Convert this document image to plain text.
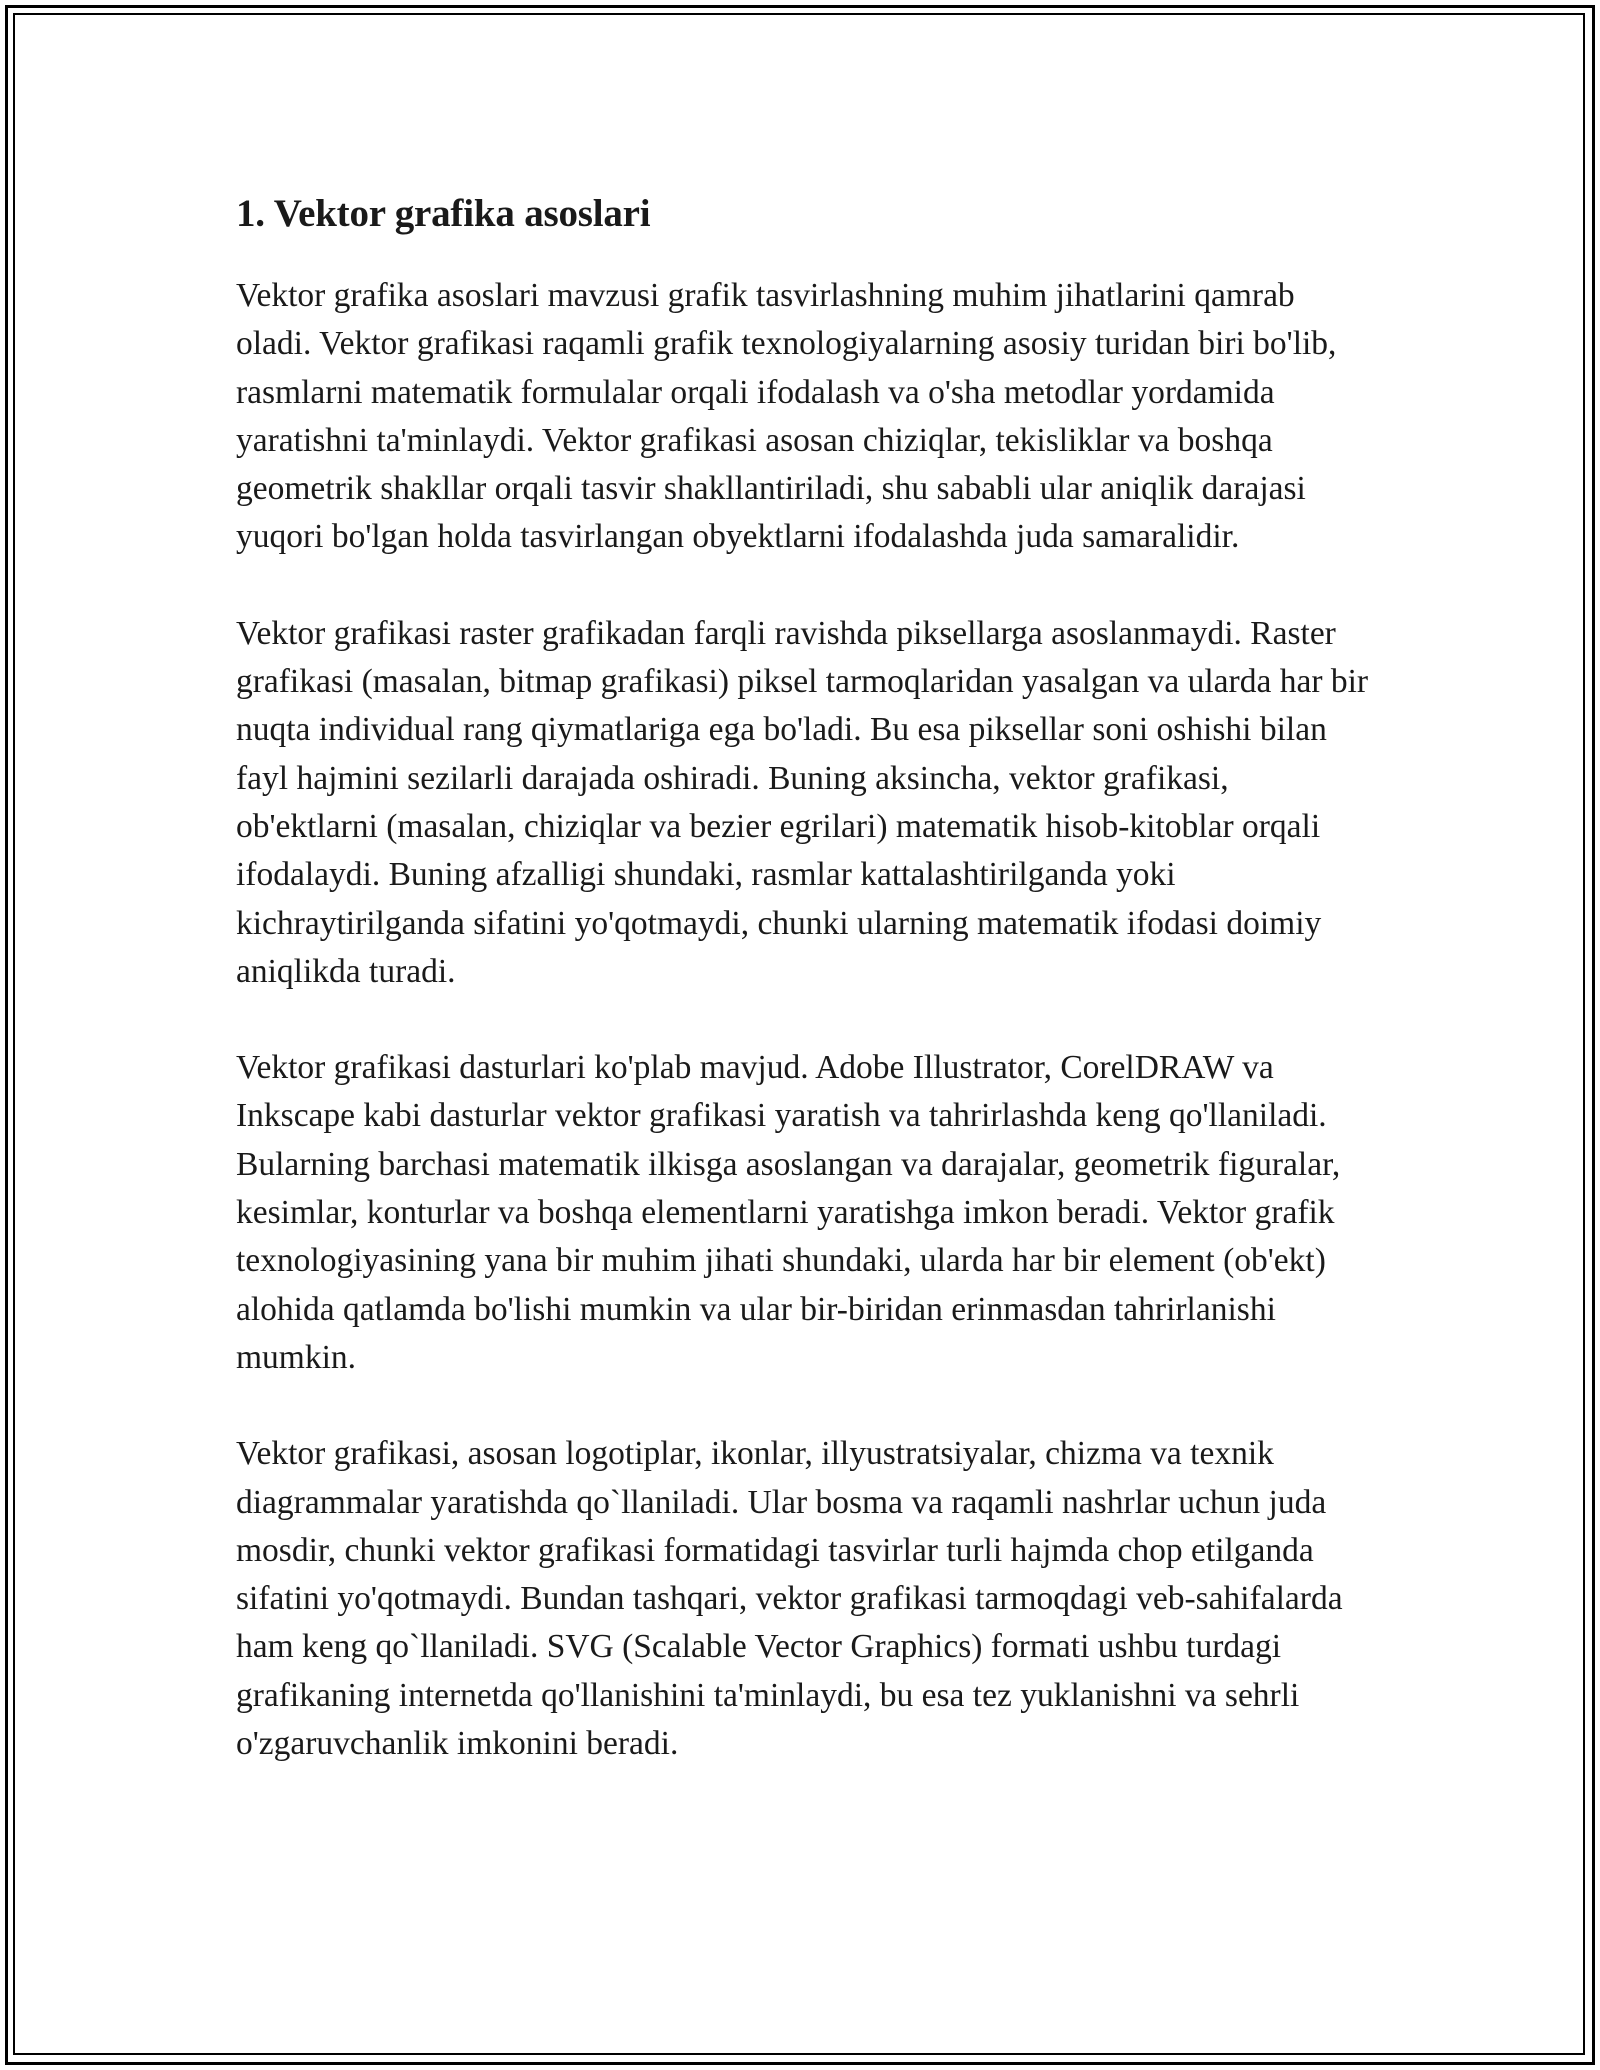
1. Vektor grafika asoslari

Vektor grafika asoslari mavzusi grafik tasvirlashning muhim jihatlarini qamrab oladi. Vektor grafikasi raqamli grafik texnologiyalarning asosiy turidan biri bo'lib, rasmlarni matematik formulalar orqali ifodalash va o'sha metodlar yordamida yaratishni ta'minlaydi. Vektor grafikasi asosan chiziqlar, tekisliklar va boshqa geometrik shakllar orqali tasvir shakllantiriladi, shu sababli ular aniqlik darajasi yuqori bo'lgan holda tasvirlangan obyektlarni ifodalashda juda samaralidir.

Vektor grafikasi raster grafikadan farqli ravishda piksellarga asoslanmaydi. Raster grafikasi (masalan, bitmap grafikasi) piksel tarmoqlaridan yasalgan va ularda har bir nuqta individual rang qiymatlariga ega bo'ladi. Bu esa piksellar soni oshishi bilan fayl hajmini sezilarli darajada oshiradi. Buning aksincha, vektor grafikasi, ob'ektlarni (masalan, chiziqlar va bezier egrilari) matematik hisob-kitoblar orqali ifodalaydi. Buning afzalligi shundaki, rasmlar kattalashtirilganda yoki kichraytirilganda sifatini yo'qotmaydi, chunki ularning matematik ifodasi doimiy aniqlikda turadi.

Vektor grafikasi dasturlari ko'plab mavjud. Adobe Illustrator, CorelDRAW va Inkscape kabi dasturlar vektor grafikasi yaratish va tahrirlashda keng qo'llaniladi. Bularning barchasi matematik ilkisga asoslangan va darajalar, geometrik figuralar, kesimlar, konturlar va boshqa elementlarni yaratishga imkon beradi. Vektor grafik texnologiyasining yana bir muhim jihati shundaki, ularda har bir element (ob'ekt) alohida qatlamda bo'lishi mumkin va ular bir-biridan erinmasdan tahrirlanishi mumkin.

Vektor grafikasi, asosan logotiplar, ikonlar, illyustratsiyalar, chizma va texnik diagrammalar yaratishda qo`llaniladi. Ular bosma va raqamli nashrlar uchun juda mosdir, chunki vektor grafikasi formatidagi tasvirlar turli hajmda chop etilganda sifatini yo'qotmaydi. Bundan tashqari, vektor grafikasi tarmoqdagi veb-sahifalarda ham keng qo`llaniladi. SVG (Scalable Vector Graphics) formati ushbu turdagi grafikaning internetda qo'llanishini ta'minlaydi, bu esa tez yuklanishni va sehrli o'zgaruvchanlik imkonini beradi.
